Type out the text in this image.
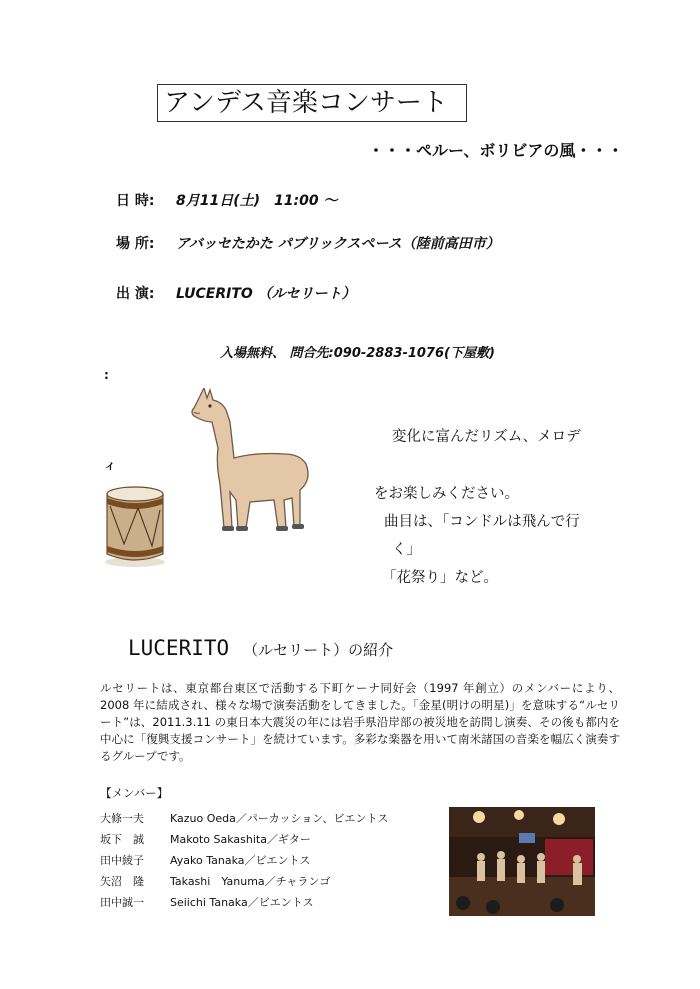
アンデス音楽コンサート
・・・ペルー、ボリビアの風・・・
日 時: 8月11日(土)　11:00 ～
場 所: アバッセたかた パブリックスペース（陸前高田市）
出 演: LUCERITO （ルセリート）
入場無料、 問合先:090-2883-1076(下屋敷)
:
ィ
変化に富んだリズム、メロデ
をお楽しみください。
曲目は、「コンドルは飛んで行
く」
「花祭り」など。
LUCERITO （ルセリート）の紹介
ルセリートは、東京都台東区で活動する下町ケーナ同好会（1997 年創立）のメンバーにより、2008 年に結成され、様々な場で演奏活動をしてきました。「金星(明けの明星)」を意味する“ルセリート”は、2011.3.11 の東日本大震災の年には岩手県沿岸部の被災地を訪問し演奏、その後も都内を中心に「復興支援コンサート」を続けています。多彩な楽器を用いて南米諸国の音楽を幅広く演奏するグループです。
【メンバー】
大條一夫 Kazuo Oeda／パーカッション、ビエントス
坂下　誠 Makoto Sakashita／ギター
田中綾子 Ayako Tanaka／ビエントス
矢沼　隆 Takashi　Yanuma／チャランゴ
田中誠一 Seiichi Tanaka／ビエントス
